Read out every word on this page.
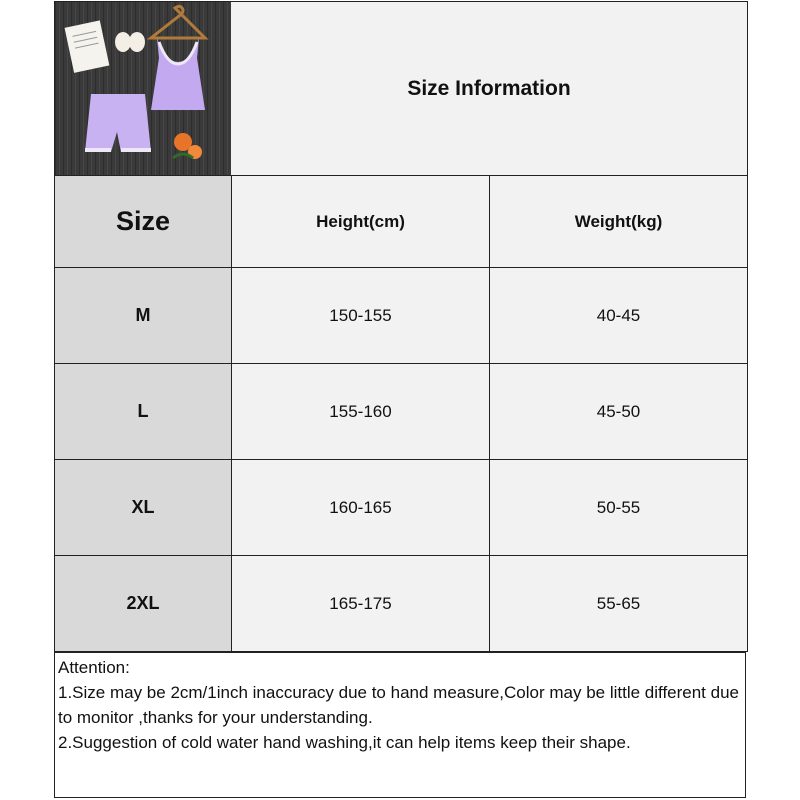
Size Information
Size	Height(cm)	Weight(kg)
M	150-155	40-45
L	155-160	45-50
XL	160-165	50-55
2XL	165-175	55-65
Attention:
1.Size may be 2cm/1inch inaccuracy due to hand measure,Color may be little different due to monitor ,thanks for your understanding.
2.Suggestion of cold water hand washing,it can help items keep their shape.
